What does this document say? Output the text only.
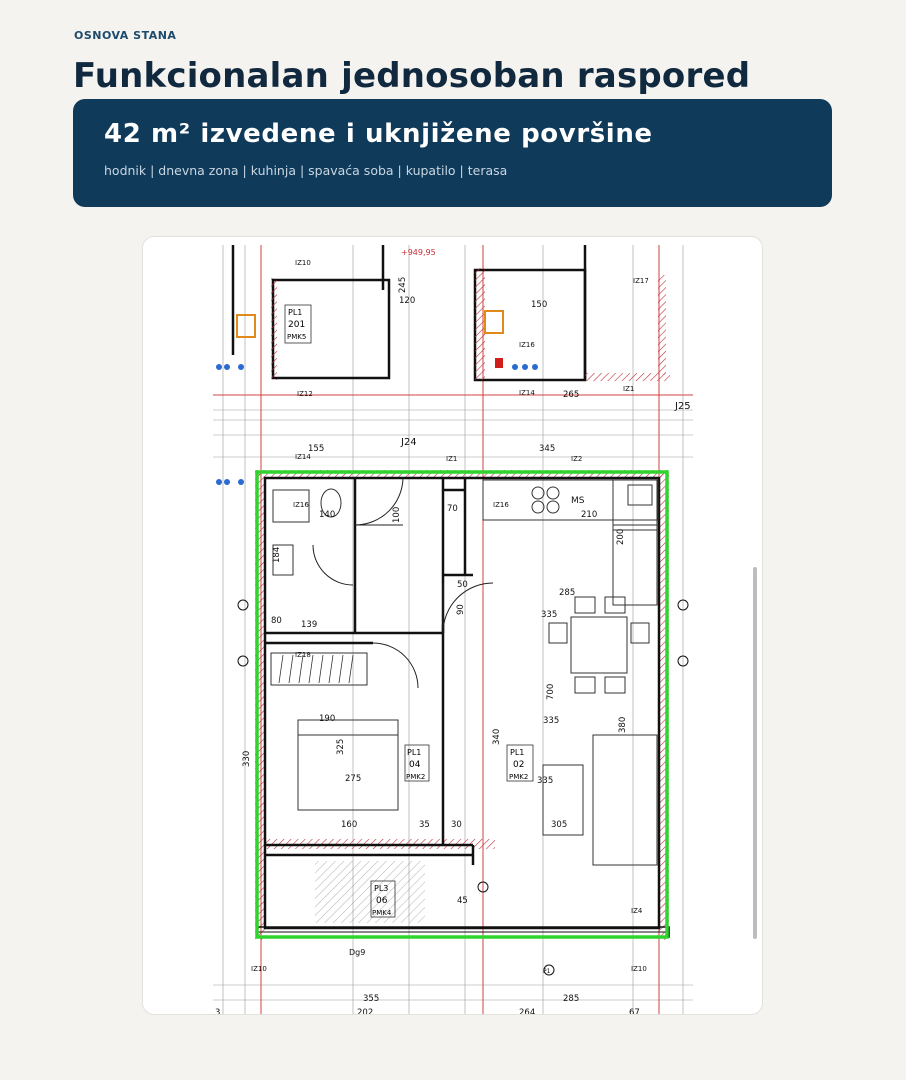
OSNOVA STANA
Funkcionalan jednosoban raspored
42 m² izvedene i uknjižene površine
hodnik | dnevna zona | kuhinja | spavaća soba | kupatilo | terasa
PL1
04
PMK2
PL1
02
PMK2
PL3
06
PMK4
PL1
201
PMK5
J24
J25
+949,95
IZ14
IZ14
IZ1
IZ1
IZ2
IZ10
IZ10	IZ10
IZ12
IZ16	IZ16
IZ16
IZ17
IZ18
IZ4
MS
Dg9
P1
155	345
210
140
139
80
285
335
335
335
700
190
325
275
340
305
380
160
355
202	264
285
265
245
200
150
50
90
100	70
330
45
30
35
3	67
184
120
